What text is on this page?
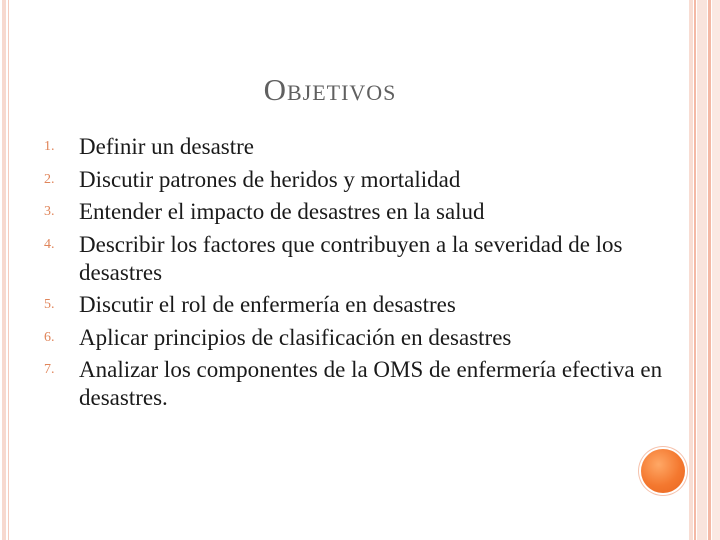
Objetivos
1. Definir un desastre
2. Discutir patrones de heridos y mortalidad
3. Entender el impacto de desastres en la salud
4. Describir los factores que contribuyen a la severidad de los desastres
5. Discutir el rol de enfermería en desastres
6. Aplicar principios de clasificación en desastres
7. Analizar los componentes de la OMS de enfermería efectiva en desastres.
